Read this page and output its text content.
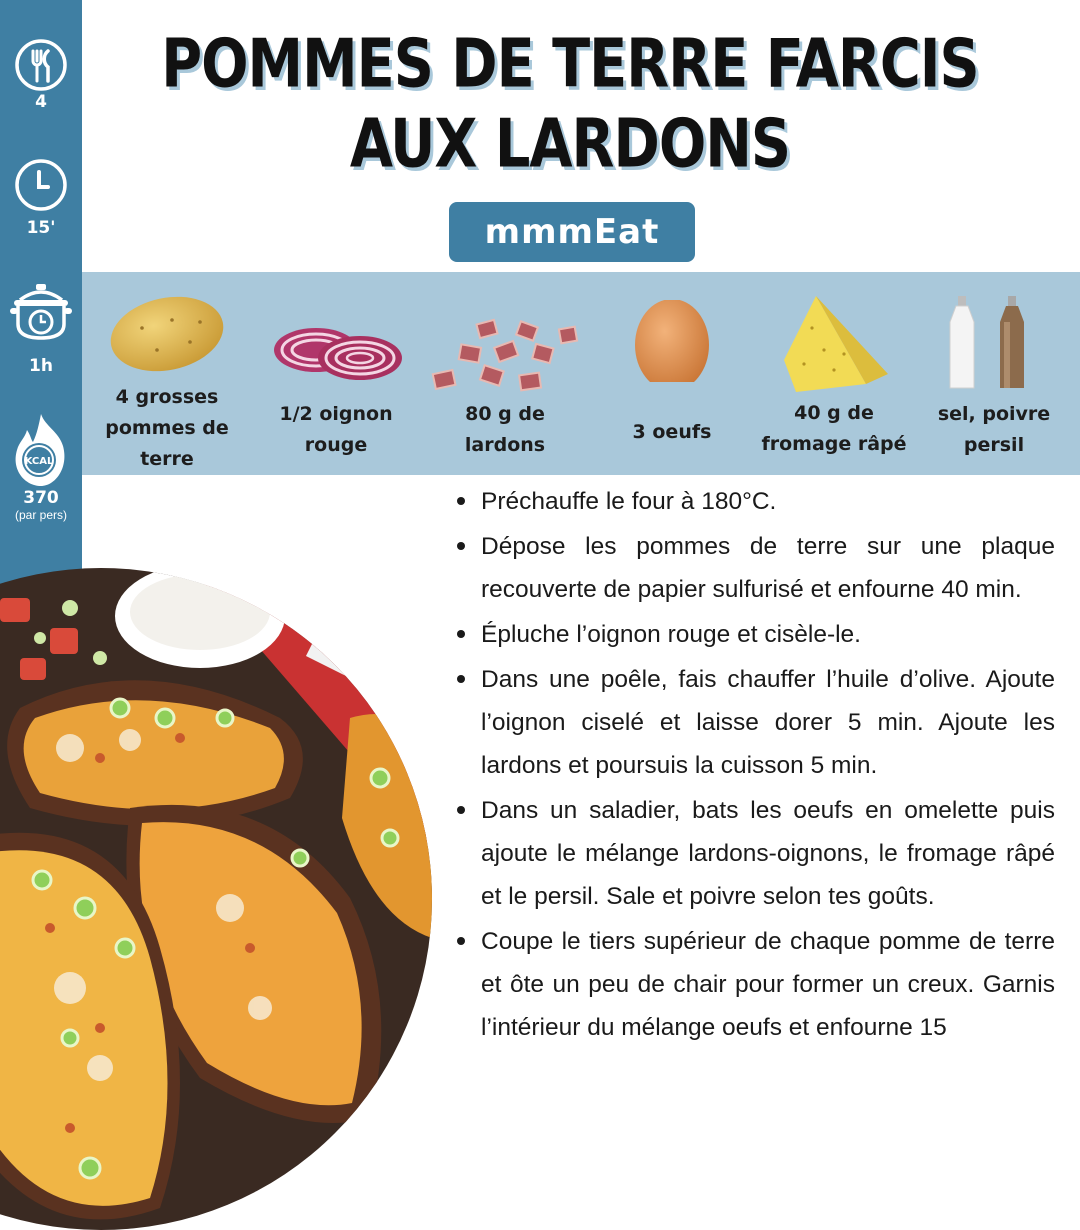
4
15'
1h
KCAL
370
(par pers)
POMMES DE TERRE FARCIS AUX LARDONS
mmmEat
4 grosses pommes de terre
1/2 oignon rouge
80 g de lardons
3 oeufs
40 g de fromage râpé
sel, poivre persil
Préchauffe le four à 180°C.
Dépose les pommes de terre sur une plaque recouverte de papier sulfurisé et enfourne 40 min.
Épluche l’oignon rouge et cisèle-le.
Dans une poêle, fais chauffer l’huile d’olive. Ajoute l’oignon ciselé et laisse dorer 5 min. Ajoute les lardons et poursuis la cuisson 5 min.
Dans un saladier, bats les oeufs en omelette puis ajoute le mélange lardons-oignons, le fromage râpé et le persil. Sale et poivre selon tes goûts.
Coupe le tiers supérieur de chaque pomme de terre et ôte un peu de chair pour former un creux. Garnis l’intérieur du mélange oeufs et enfourne 15
